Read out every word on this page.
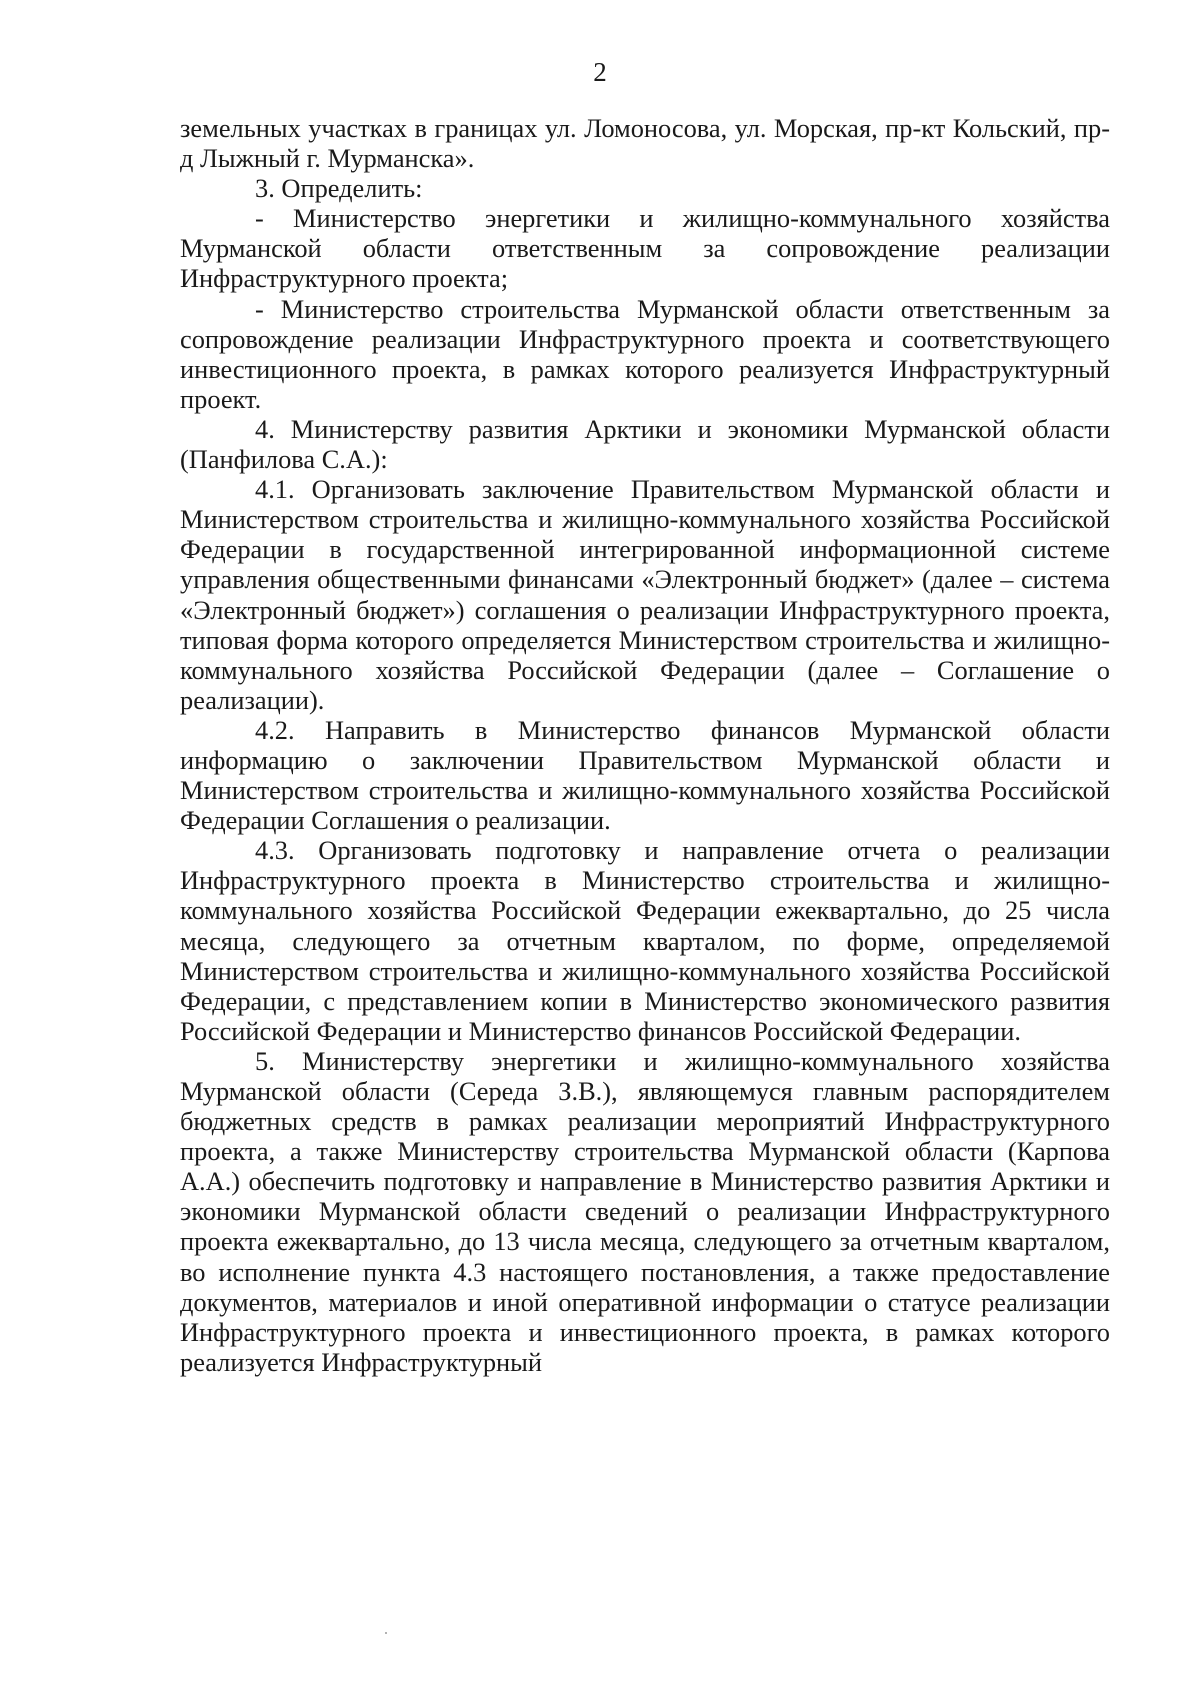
2

земельных участках в границах ул. Ломоносова, ул. Морская, пр-кт Кольский, пр-д Лыжный г. Мурманска».

3. Определить:

- Министерство энергетики и жилищно-коммунального хозяйства Мурманской области ответственным за сопровождение реализации Инфраструктурного проекта;

- Министерство строительства Мурманской области ответственным за сопровождение реализации Инфраструктурного проекта и соответствующего инвестиционного проекта, в рамках которого реализуется Инфраструктурный проект.

4. Министерству развития Арктики и экономики Мурманской области (Панфилова С.А.):

4.1. Организовать заключение Правительством Мурманской области и Министерством строительства и жилищно-коммунального хозяйства Российской Федерации в государственной интегрированной информационной системе управления общественными финансами «Электронный бюджет» (далее – система «Электронный бюджет») соглашения о реализации Инфраструктурного проекта, типовая форма которого определяется Министерством строительства и жилищно-коммунального хозяйства Российской Федерации (далее – Соглашение о реализации).

4.2. Направить в Министерство финансов Мурманской области информацию о заключении Правительством Мурманской области и Министерством строительства и жилищно-коммунального хозяйства Российской Федерации Соглашения о реализации.

4.3. Организовать подготовку и направление отчета о реализации Инфраструктурного проекта в Министерство строительства и жилищно-коммунального хозяйства Российской Федерации ежеквартально, до 25 числа месяца, следующего за отчетным кварталом, по форме, определяемой Министерством строительства и жилищно-коммунального хозяйства Российской Федерации, с представлением копии в Министерство экономического развития Российской Федерации и Министерство финансов Российской Федерации.

5. Министерству энергетики и жилищно-коммунального хозяйства Мурманской области (Середа З.В.), являющемуся главным распорядителем бюджетных средств в рамках реализации мероприятий Инфраструктурного проекта, а также Министерству строительства Мурманской области (Карпова А.А.) обеспечить подготовку и направление в Министерство развития Арктики и экономики Мурманской области сведений о реализации Инфраструктурного проекта ежеквартально, до 13 числа месяца, следующего за отчетным кварталом, во исполнение пункта 4.3 настоящего постановления, а также предоставление документов, материалов и иной оперативной информации о статусе реализации Инфраструктурного проекта и инвестиционного проекта, в рамках которого реализуется Инфраструктурный
